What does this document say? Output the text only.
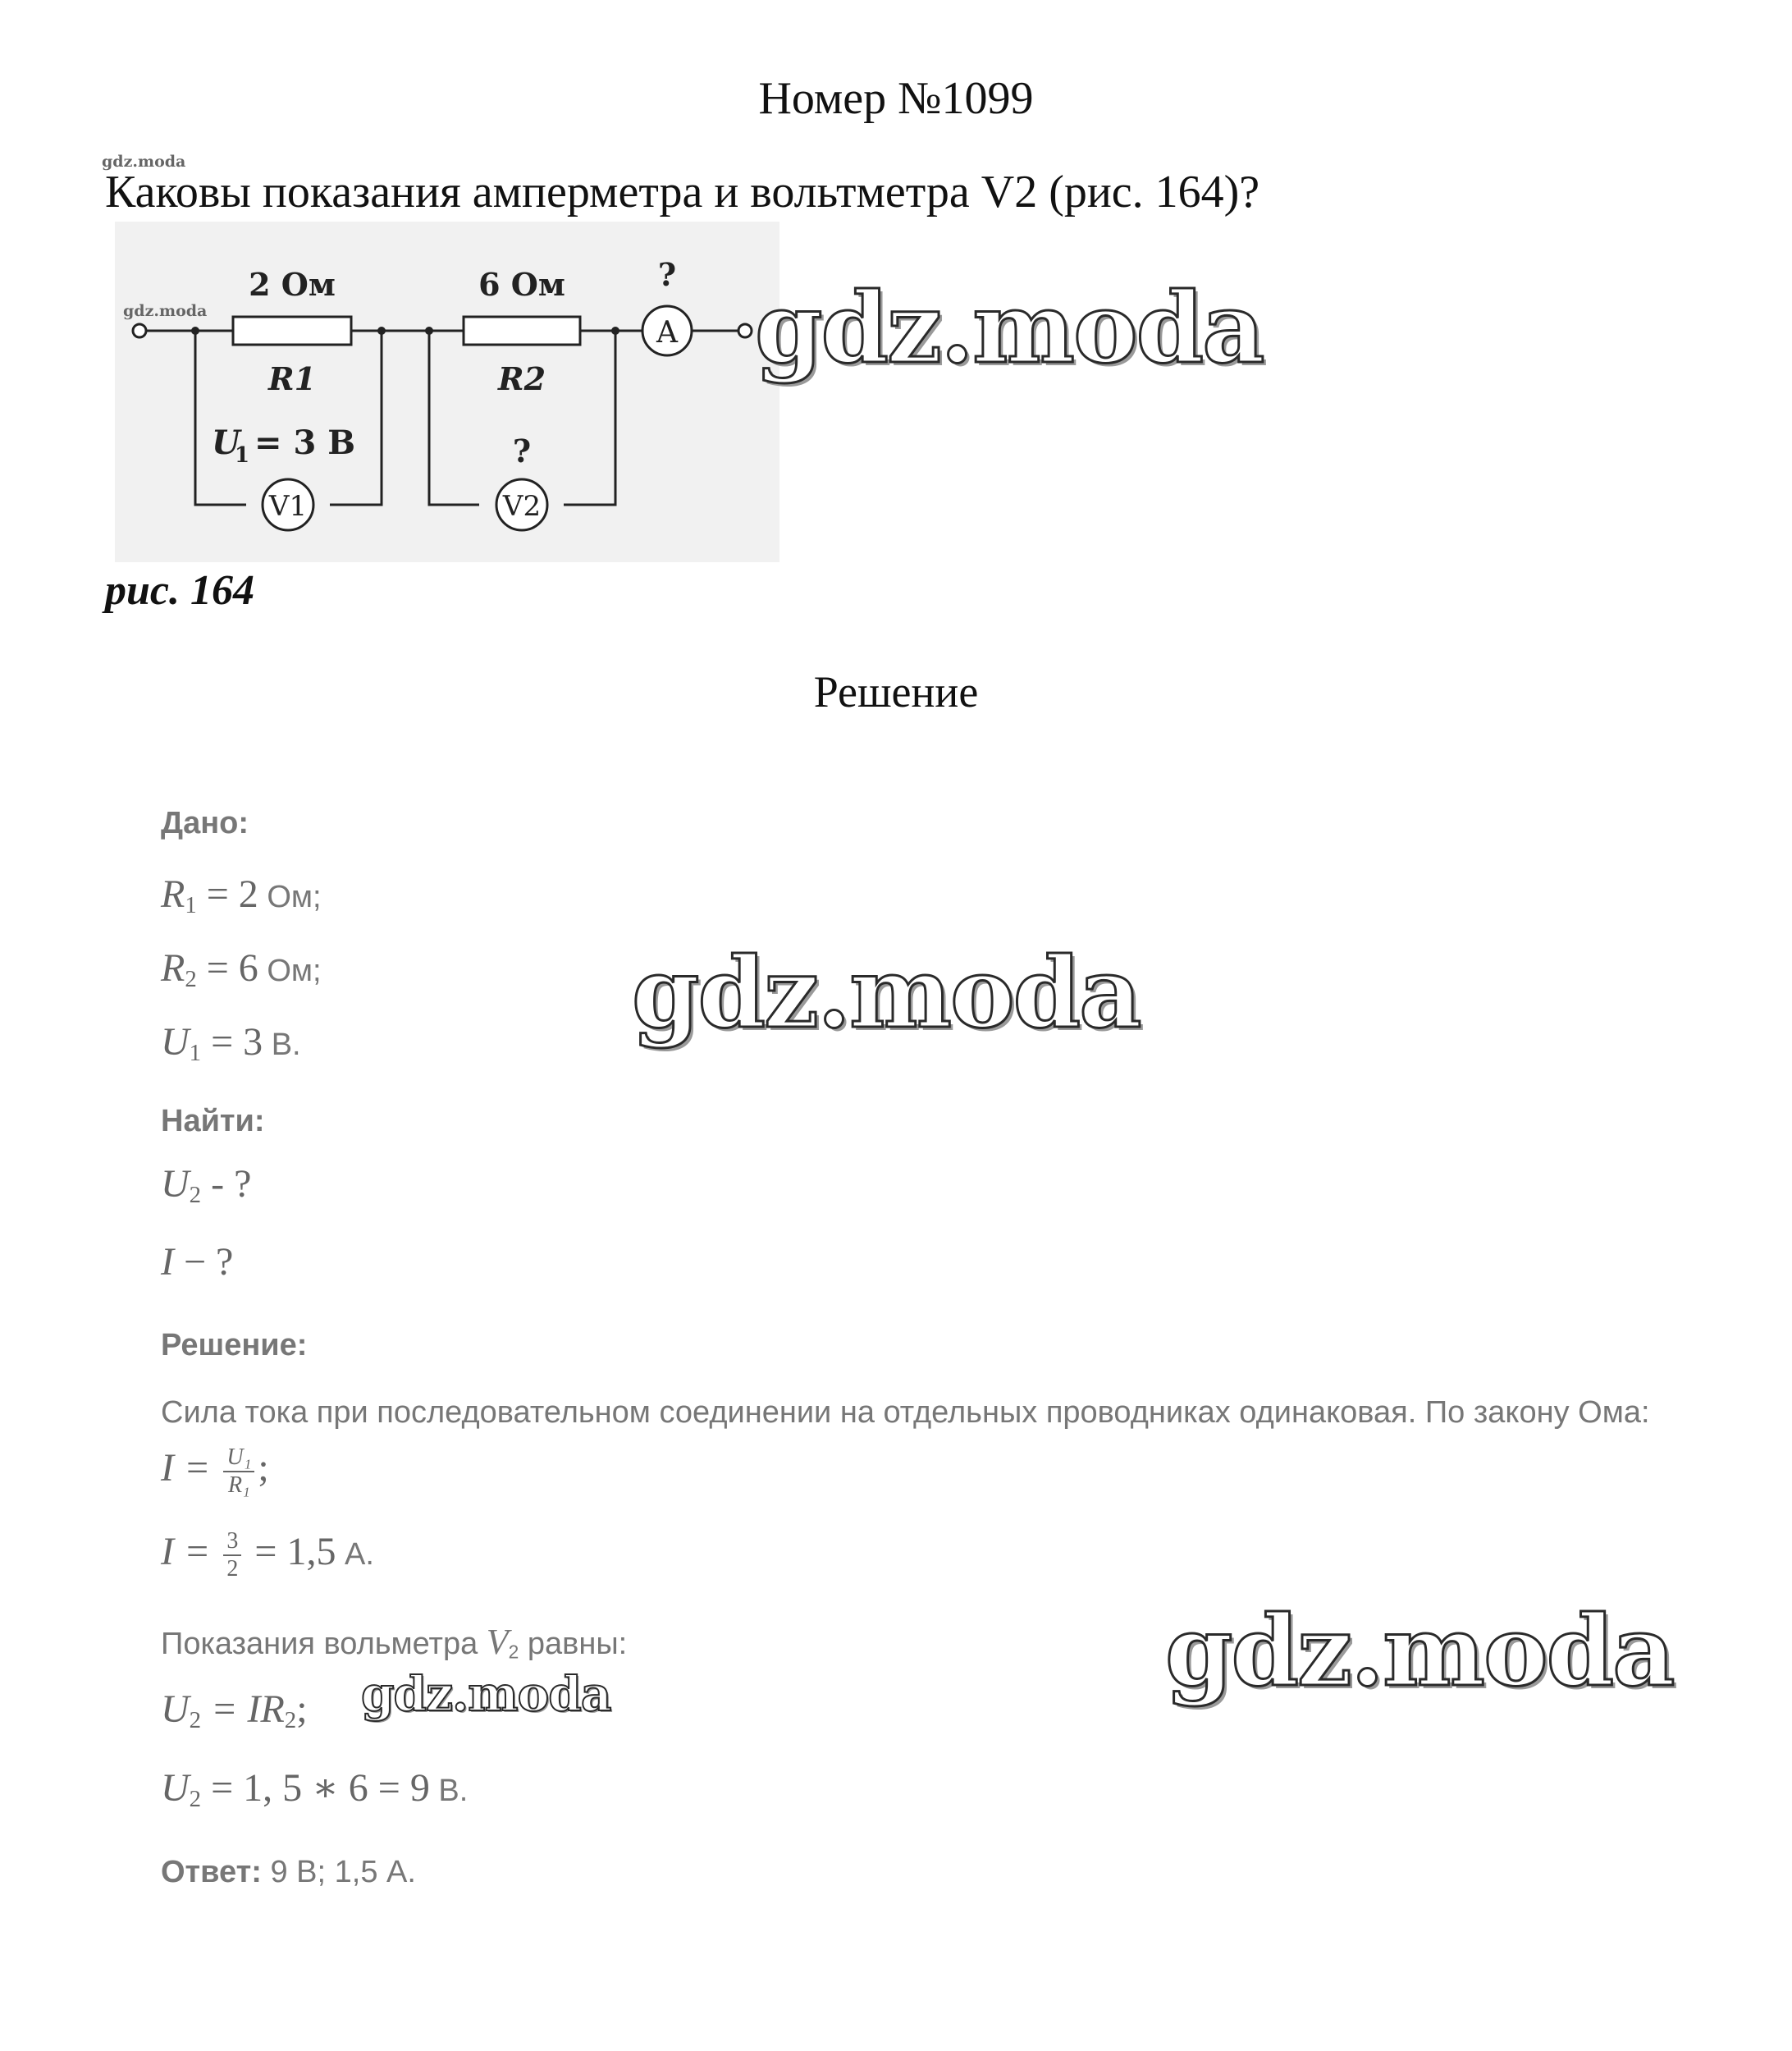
Номер №1099
gdz.moda
Каковы показания амперметра и вольтметра V2 (рис. 164)?
2 Ом	6 Ом
R1	R2
U
1 = 3 В	?
?
A
V1	V2
gdz.moda	gdz.moda
рис. 164
Решение
Дано:
$R_1 = 2$ Ом;
$R_2 = 6$ Ом;
$U_1 = 3$ В.	gdz.moda
Найти:
$U_2$ - ?
I − ?
Решение:
Сила тока при последовательном соединении на отдельных проводниках одинаковая. По закону Ома:
$I = \frac{\text{U₁}}{\text{R₁}}$ ;
$I = \frac{3}{2} = 1,5$ А.
Показания вольметра $V_2$ равны:	gdz.moda
gdz.moda
$U_2 = IR_2$;
$U_2 = 1$, 5 ∗ 6 = 9 В.
Ответ: 9 В; 1,5 А.
